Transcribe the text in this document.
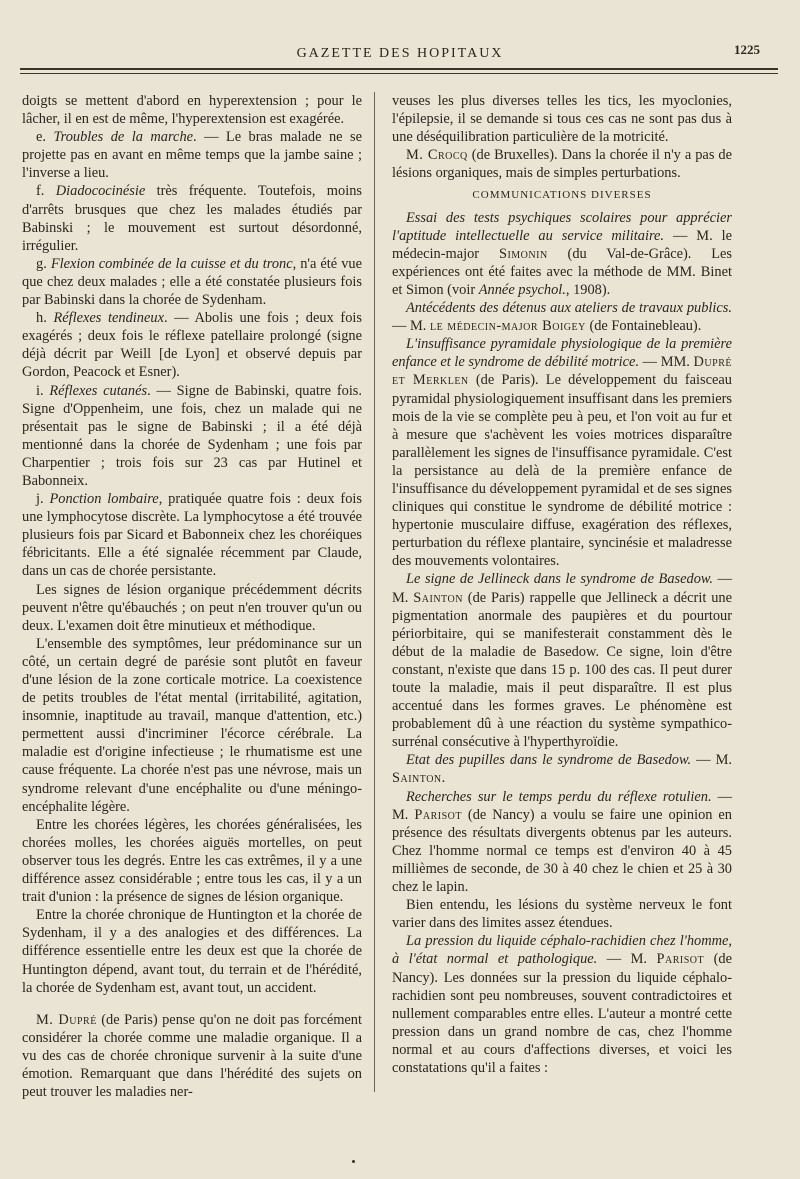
GAZETTE DES HOPITAUX	1225

doigts se mettent d'abord en hyperextension ; pour le lâcher, il en est de même, l'hyperextension est exagérée.

e. Troubles de la marche. — Le bras malade ne se projette pas en avant en même temps que la jambe saine ; l'inverse a lieu.

f. Diadococinésie très fréquente. Toutefois, moins d'arrêts brusques que chez les malades étudiés par Babinski ; le mouvement est surtout désordonné, irrégulier.

g. Flexion combinée de la cuisse et du tronc, n'a été vue que chez deux malades ; elle a été constatée plusieurs fois par Babinski dans la chorée de Sydenham.

h. Réflexes tendineux. — Abolis une fois ; deux fois exagérés ; deux fois le réflexe patellaire prolongé (signe déjà décrit par Weill [de Lyon] et observé depuis par Gordon, Peacock et Esner).

i. Réflexes cutanés. — Signe de Babinski, quatre fois. Signe d'Oppenheim, une fois, chez un malade qui ne présentait pas le signe de Babinski ; il a été déjà mentionné dans la chorée de Sydenham ; une fois par Charpentier ; trois fois sur 23 cas par Hutinel et Babonneix.

j. Ponction lombaire, pratiquée quatre fois : deux fois une lymphocytose discrète. La lymphocytose a été trouvée plusieurs fois par Sicard et Babonneix chez les choréiques fébricitants. Elle a été signalée récemment par Claude, dans un cas de chorée persistante.

Les signes de lésion organique précédemment décrits peuvent n'être qu'ébauchés ; on peut n'en trouver qu'un ou deux. L'examen doit être minutieux et méthodique.

L'ensemble des symptômes, leur prédominance sur un côté, un certain degré de parésie sont plutôt en faveur d'une lésion de la zone corticale motrice. La coexistence de petits troubles de l'état mental (irritabilité, agitation, insomnie, inaptitude au travail, manque d'attention, etc.) permettent aussi d'incriminer l'écorce cérébrale. La maladie est d'origine infectieuse ; le rhumatisme est une cause fréquente. La chorée n'est pas une névrose, mais un syndrome relevant d'une encéphalite ou d'une méningo-encéphalite légère.

Entre les chorées légères, les chorées généralisées, les chorées molles, les chorées aiguës mortelles, on peut observer tous les degrés. Entre les cas extrêmes, il y a une différence assez considérable ; entre tous les cas, il y a un trait d'union : la présence de signes de lésion organique.

Entre la chorée chronique de Huntington et la chorée de Sydenham, il y a des analogies et des différences. La différence essentielle entre les deux est que la chorée de Huntington dépend, avant tout, du terrain et de l'hérédité, la chorée de Sydenham est, avant tout, un accident.

M. Dupré (de Paris) pense qu'on ne doit pas forcément considérer la chorée comme une maladie organique. Il a vu des cas de chorée chronique survenir à la suite d'une émotion. Remarquant que dans l'hérédité des sujets on peut trouver les maladies ner-

veuses les plus diverses telles les tics, les myoclonies, l'épilepsie, il se demande si tous ces cas ne sont pas dus à une déséquilibration particulière de la motricité.

M. Crocq (de Bruxelles). Dans la chorée il n'y a pas de lésions organiques, mais de simples perturbations.

COMMUNICATIONS DIVERSES

Essai des tests psychiques scolaires pour apprécier l'aptitude intellectuelle au service militaire. — M. le médecin-major Simonin (du Val-de-Grâce). Les expériences ont été faites avec la méthode de MM. Binet et Simon (voir Année psychol., 1908).

Antécédents des détenus aux ateliers de travaux publics. — M. le médecin-major Boigey (de Fontainebleau).

L'insuffisance pyramidale physiologique de la première enfance et le syndrome de débilité motrice. — MM. Dupré et Merklen (de Paris). Le développement du faisceau pyramidal physiologiquement insuffisant dans les premiers mois de la vie se complète peu à peu, et l'on voit au fur et à mesure que s'achèvent les voies motrices disparaître parallèlement les signes de l'insuffisance pyramidale. C'est la persistance au delà de la première enfance de l'insuffisance du développement pyramidal et de ses signes cliniques qui constitue le syndrome de débilité motrice : hypertonie musculaire diffuse, exagération des réflexes, perturbation du réflexe plantaire, syncinésie et maladresse des mouvements volontaires.

Le signe de Jellineck dans le syndrome de Basedow. — M. Sainton (de Paris) rappelle que Jellineck a décrit une pigmentation anormale des paupières et du pourtour périorbitaire, qui se manifesterait constamment dès le début de la maladie de Basedow. Ce signe, loin d'être constant, n'existe que dans 15 p. 100 des cas. Il peut durer toute la maladie, mais il peut disparaître. Il est plus accentué dans les formes graves. Le phénomène est probablement dû à une réaction du système sympathico-surrénal consécutive à l'hyperthyroïdie.

Etat des pupilles dans le syndrome de Basedow. — M. Sainton.

Recherches sur le temps perdu du réflexe rotulien. — M. Parisot (de Nancy) a voulu se faire une opinion en présence des résultats divergents obtenus par les auteurs. Chez l'homme normal ce temps est d'environ 40 à 45 millièmes de seconde, de 30 à 40 chez le chien et 25 à 30 chez le lapin.

Bien entendu, les lésions du système nerveux le font varier dans des limites assez étendues.

La pression du liquide céphalo-rachidien chez l'homme, à l'état normal et pathologique. — M. Parisot (de Nancy). Les données sur la pression du liquide céphalo-rachidien sont peu nombreuses, souvent contradictoires et nullement comparables entre elles. L'auteur a montré cette pression dans un grand nombre de cas, chez l'homme normal et au cours d'affections diverses, et voici les constatations qu'il a faites :
